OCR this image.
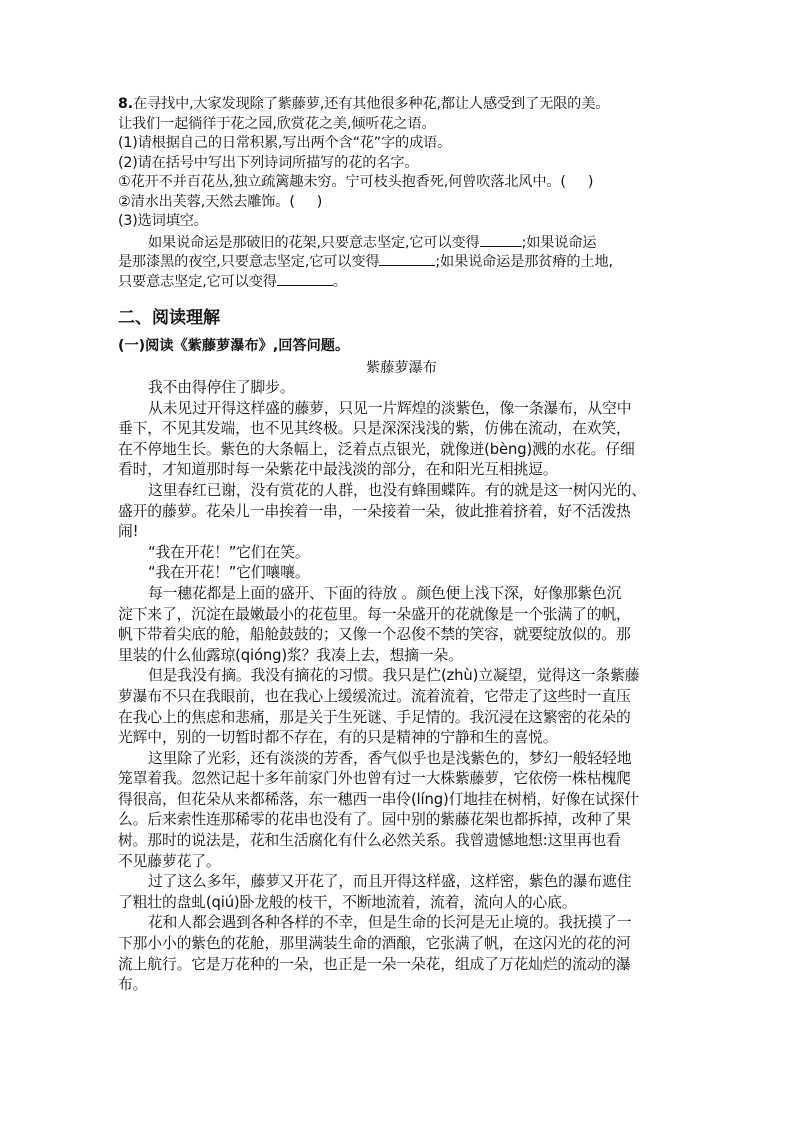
8.在寻找中,大家发现除了紫藤萝,还有其他很多种花,都让人感受到了无限的美。
让我们一起徜徉于花之园,欣赏花之美,倾听花之语。
(1)请根据自己的日常积累,写出两个含“花”字的成语。
(2)请在括号中写出下列诗词所描写的花的名字。
①花开不并百花丛,独立疏篱趣未穷。宁可枝头抱香死,何曾吹落北风中。( )
②清水出芙蓉,天然去雕饰。( )
(3)选词填空。
如果说命运是那破旧的花架,只要意志坚定,它可以变得	;如果说命运
是那漆黑的夜空,只要意志坚定,它可以变得	;如果说命运是那贫瘠的土地,
只要意志坚定,它可以变得	。
二、阅读理解
(一)阅读《紫藤萝瀑布》,回答问题。
紫藤萝瀑布
我不由得停住了脚步。
从未见过开得这样盛的藤萝，只见一片辉煌的淡紫色，像一条瀑布，从空中
垂下，不见其发端，也不见其终极。只是深深浅浅的紫，仿佛在流动，在欢笑，
在不停地生长。紫色的大条幅上，泛着点点银光，就像迸(bèng)溅的水花。仔细
看时，才知道那时每一朵紫花中最浅淡的部分，在和阳光互相挑逗。
这里春红已谢，没有赏花的人群，也没有蜂围蝶阵。有的就是这一树闪光的、
盛开的藤萝。花朵儿一串挨着一串，一朵接着一朵，彼此推着挤着，好不活泼热
闹!
“我在开花！”它们在笑。
“我在开花！”它们嚷嚷。
每一穗花都是上面的盛开、下面的待放 。颜色便上浅下深，好像那紫色沉
淀下来了，沉淀在最嫩最小的花苞里。每一朵盛开的花就像是一个张满了的帆，
帆下带着尖底的舱，船舱鼓鼓的；又像一个忍俊不禁的笑容，就要绽放似的。那
里装的什么仙露琼(qióng)浆？我凑上去，想摘一朵。
但是我没有摘。我没有摘花的习惯。我只是伫(zhù)立凝望，觉得这一条紫藤
萝瀑布不只在我眼前，也在我心上缓缓流过。流着流着，它带走了这些时一直压
在我心上的焦虑和悲痛，那是关于生死谜、手足情的。我沉浸在这繁密的花朵的
光辉中，别的一切暂时都不存在，有的只是精神的宁静和生的喜悦。
这里除了光彩，还有淡淡的芳香，香气似乎也是浅紫色的，梦幻一般轻轻地
笼罩着我。忽然记起十多年前家门外也曾有过一大株紫藤萝，它依傍一株枯槐爬
得很高，但花朵从来都稀落，东一穗西一串伶(líng)仃地挂在树梢，好像在试探什
么。后来索性连那稀零的花串也没有了。园中别的紫藤花架也都拆掉，改种了果
树。那时的说法是，花和生活腐化有什么必然关系。我曾遗憾地想:这里再也看
不见藤萝花了。
过了这么多年，藤萝又开花了，而且开得这样盛，这样密，紫色的瀑布遮住
了粗壮的盘虬(qiú)卧龙般的枝干，不断地流着，流着，流向人的心底。
花和人都会遇到各种各样的不幸，但是生命的长河是无止境的。我抚摸了一
下那小小的紫色的花舱，那里满装生命的酒酿，它张满了帆，在这闪光的花的河
流上航行。它是万花种的一朵，也正是一朵一朵花，组成了万花灿烂的流动的瀑
布。
